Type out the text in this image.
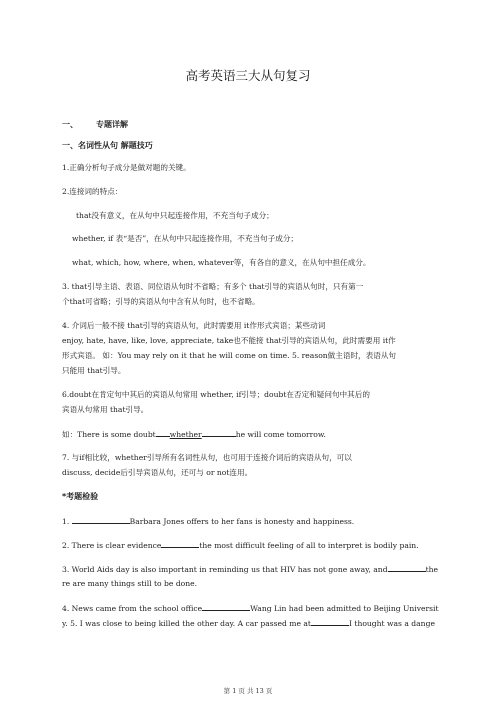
高考英语三大从句复习
一、 专题详解
一、名词性从句 解题技巧
1.正确分析句子成分是做对题的关键。
2.连接词的特点：
that没有意义，在从句中只起连接作用，不充当句子成分；
whether, if 表“是否”，在从句中只起连接作用，不充当句子成分；
what, which, how, where, when, whatever等，有各自的意义，在从句中担任成分。
3. that引导主语、表语、同位语从句时不省略；有多个 that引导的宾语从句时，只有第一
个that可省略；引导的宾语从句中含有从句时，也不省略。
4. 介词后一般不接 that引导的宾语从句，此时需要用 it作形式宾语；某些动词
enjoy, hate, have, like, love, appreciate, take也不能接 that引导的宾语从句，此时需要用 it作
形式宾语。 如：You may rely on it that he will come on time. 5. reason做主语时，表语从句
只能用 that引导。
6.doubt在肯定句中其后的宾语从句常用 whether, if引导；doubt在否定和疑问句中其后的
宾语从句常用 that引导。
如：There is some doubt whether	he will come tomorrow.
7. 与if相比较，whether引导所有名词性从句，也可用于连接介词后的宾语从句，可以
discuss, decide后引导宾语从句，还可与 or not连用。
*考题检验
1.	Barbara Jones offers to her fans is honesty and happiness.
2. There is clear evidence	the most difficult feeling of all to interpret is bodily pain.
3. World Aids day is also important in reminding us that HIV has not gone away, and	the
re are many things still to be done.
4. News came from the school office	Wang Lin had been admitted to Beijing Universit
y. 5. I was close to being killed the other day. A car passed me at	I thought was a dange
第 1 页 共 13 页
